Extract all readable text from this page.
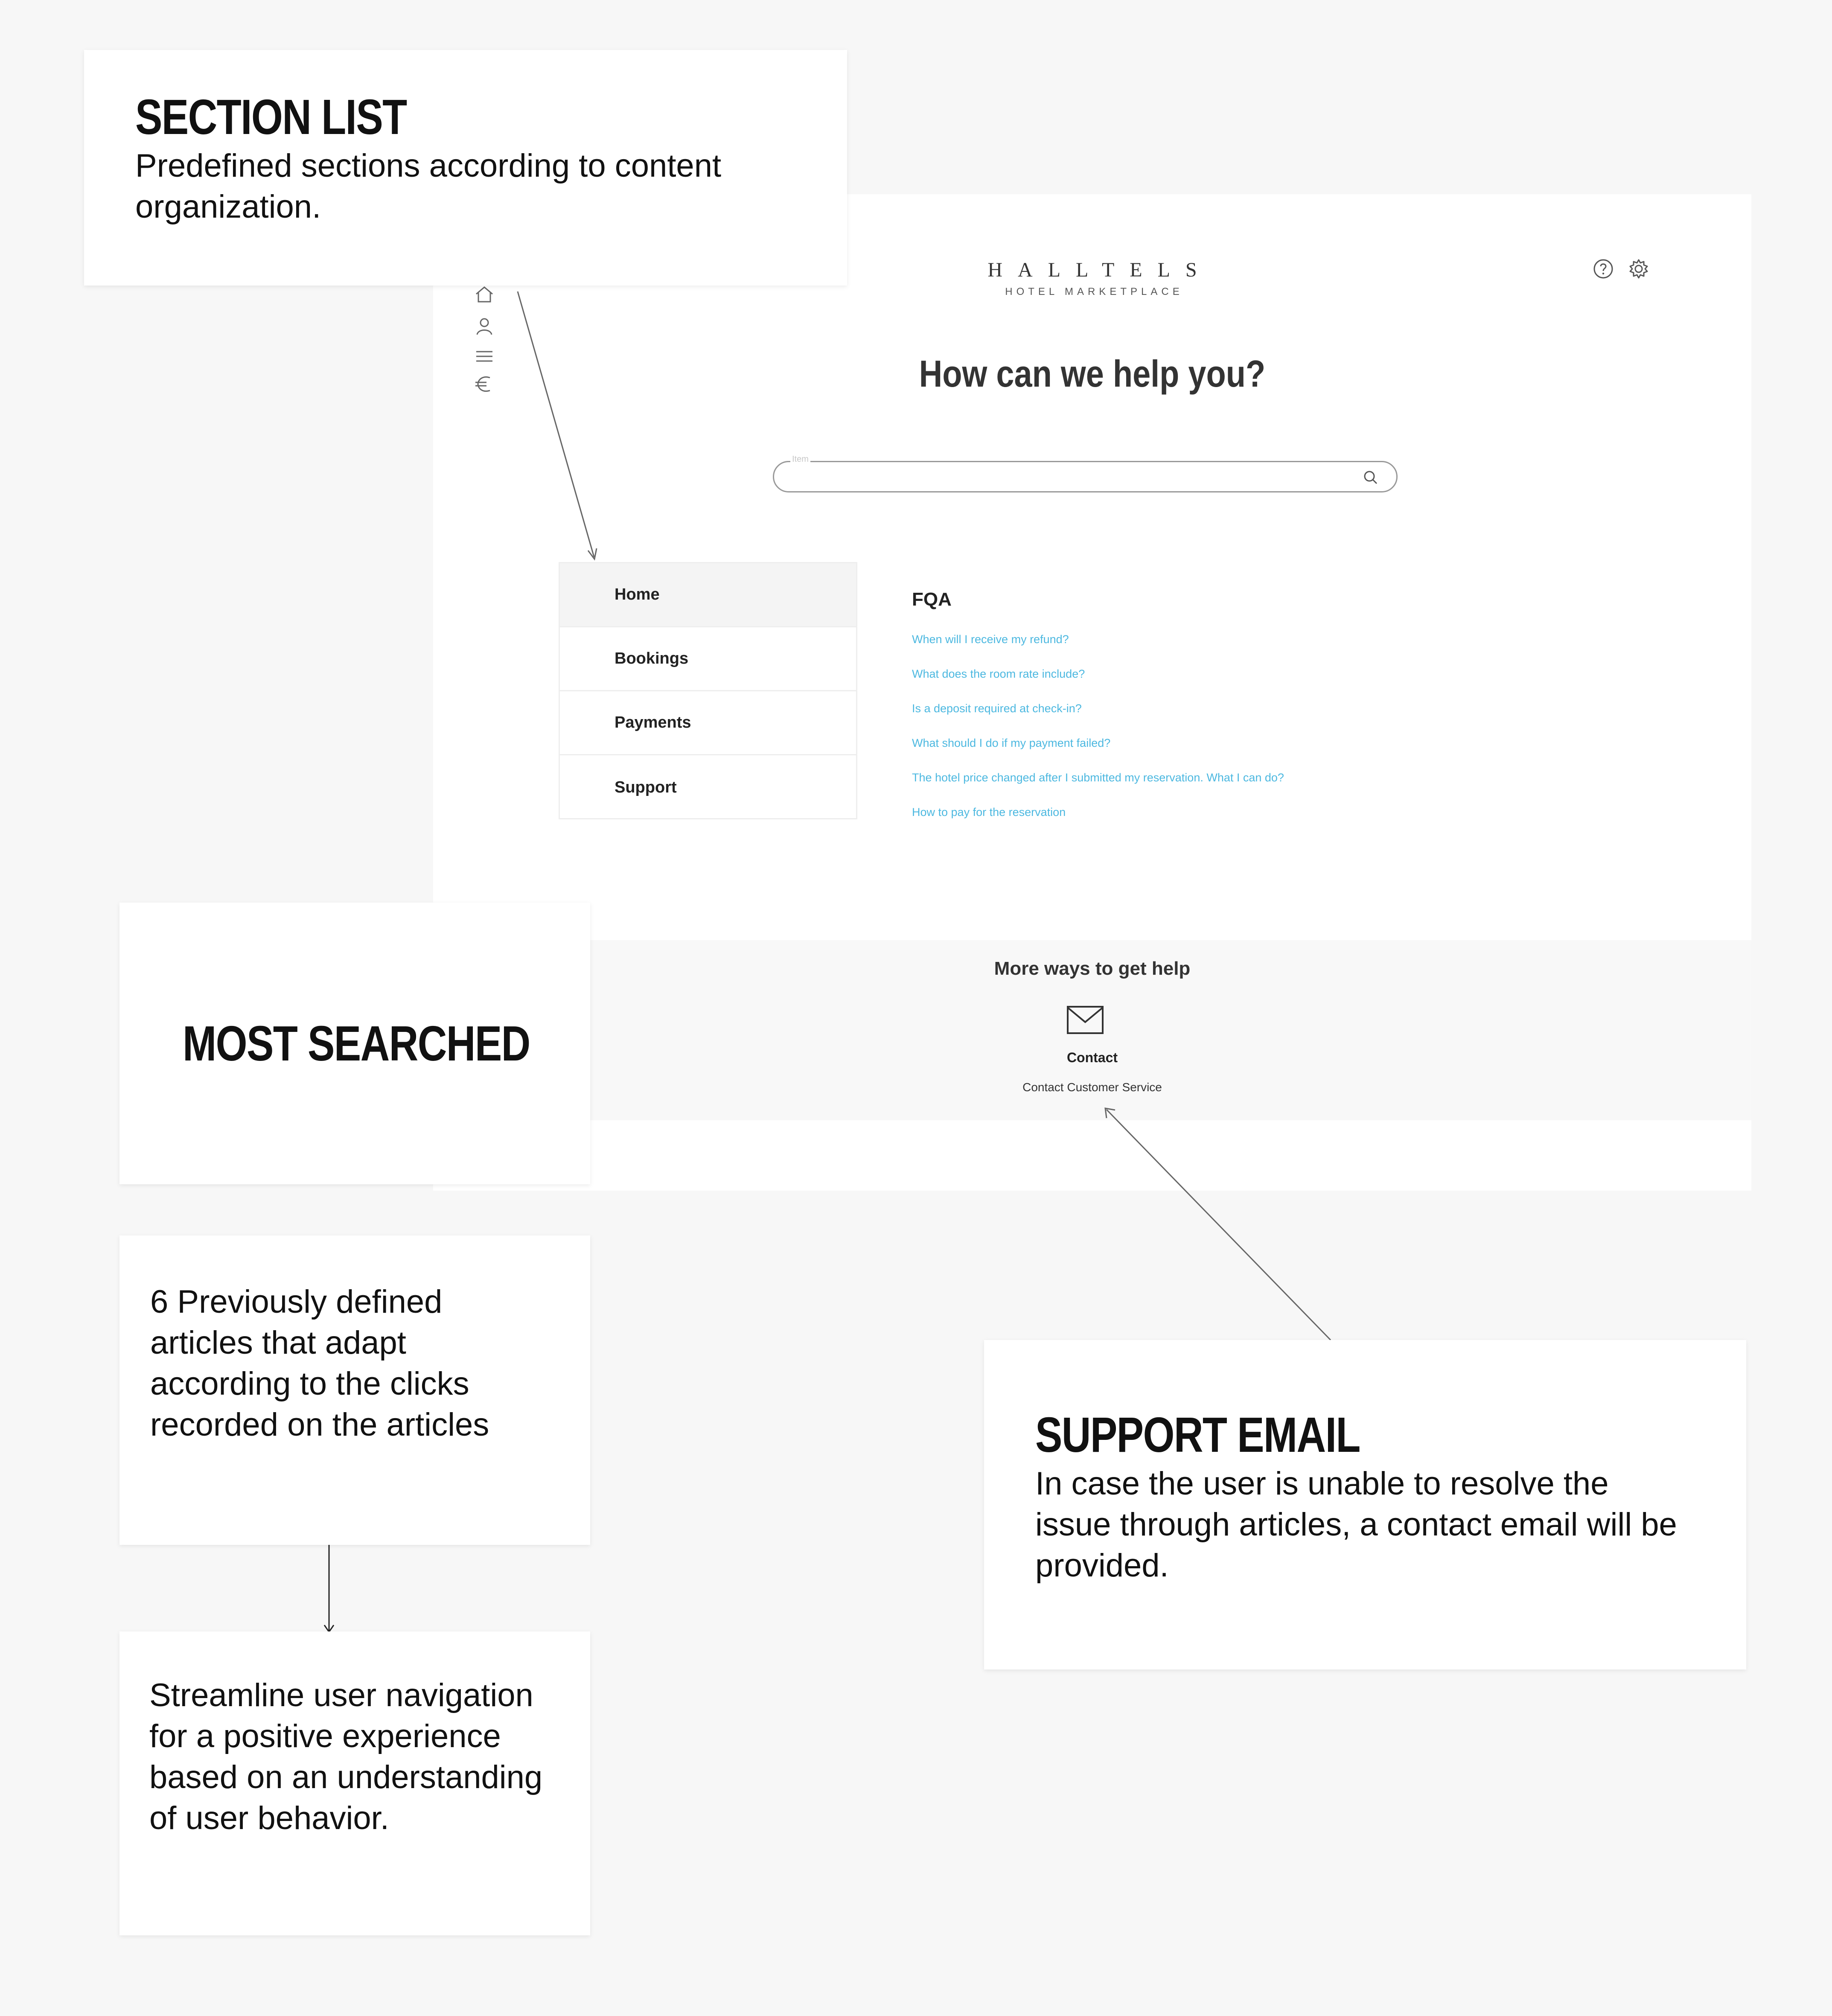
HALLTELS
HOTEL MARKETPLACE
How can we help you?
Item
Home
Bookings
Payments
Support
FQA
When will I receive my refund?
What does the room rate include?
Is a deposit required at check-in?
What should I do if my payment failed?
The hotel price changed after I submitted my reservation. What I can do?
How to pay for the reservation
More ways to get help
Contact
Contact Customer Service
SECTION LIST
Predefined sections according to content organization.
MOST SEARCHED
6 Previously defined articles that adapt according to the clicks recorded on the articles
Streamline user navigation for a positive experience based on an understanding of user behavior.
SUPPORT EMAIL
In case the user is unable to resolve the issue through articles, a contact email will be provided.
